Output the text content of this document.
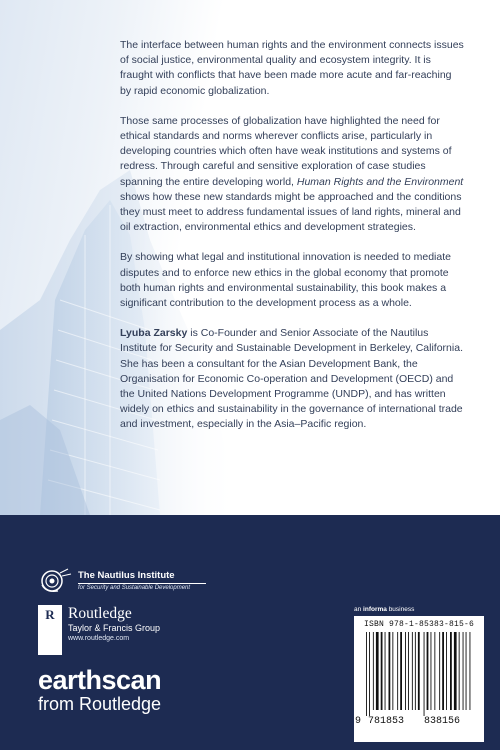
The interface between human rights and the environment connects issues of social justice, environmental quality and ecosystem integrity. It is fraught with conflicts that have been made more acute and far-reaching by rapid economic globalization.

Those same processes of globalization have highlighted the need for ethical standards and norms wherever conflicts arise, particularly in developing countries which often have weak institutions and systems of redress. Through careful and sensitive exploration of case studies spanning the entire developing world, Human Rights and the Environment shows how these new standards might be approached and the conditions they must meet to address fundamental issues of land rights, mineral and oil extraction, environmental ethics and development strategies.

By showing what legal and institutional innovation is needed to mediate disputes and to enforce new ethics in the global economy that promote both human rights and environmental sustainability, this book makes a significant contribution to the development process as a whole.

Lyuba Zarsky is Co-Founder and Senior Associate of the Nautilus Institute for Security and Sustainable Development in Berkeley, California. She has been a consultant for the Asian Development Bank, the Organisation for Economic Co-operation and Development (OECD) and the United Nations Development Programme (UNDP), and has written widely on ethics and sustainability in the governance of international trade and investment, especially in the Asia–Pacific region.

The Nautilus Institute
for Security and Sustainable Development
R
ROUTLEDGE
Routledge
Taylor & Francis Group
www.routledge.com
earthscan
from Routledge
an informa business
ISBN 978-1-85383-815-6
9 781853 838156
